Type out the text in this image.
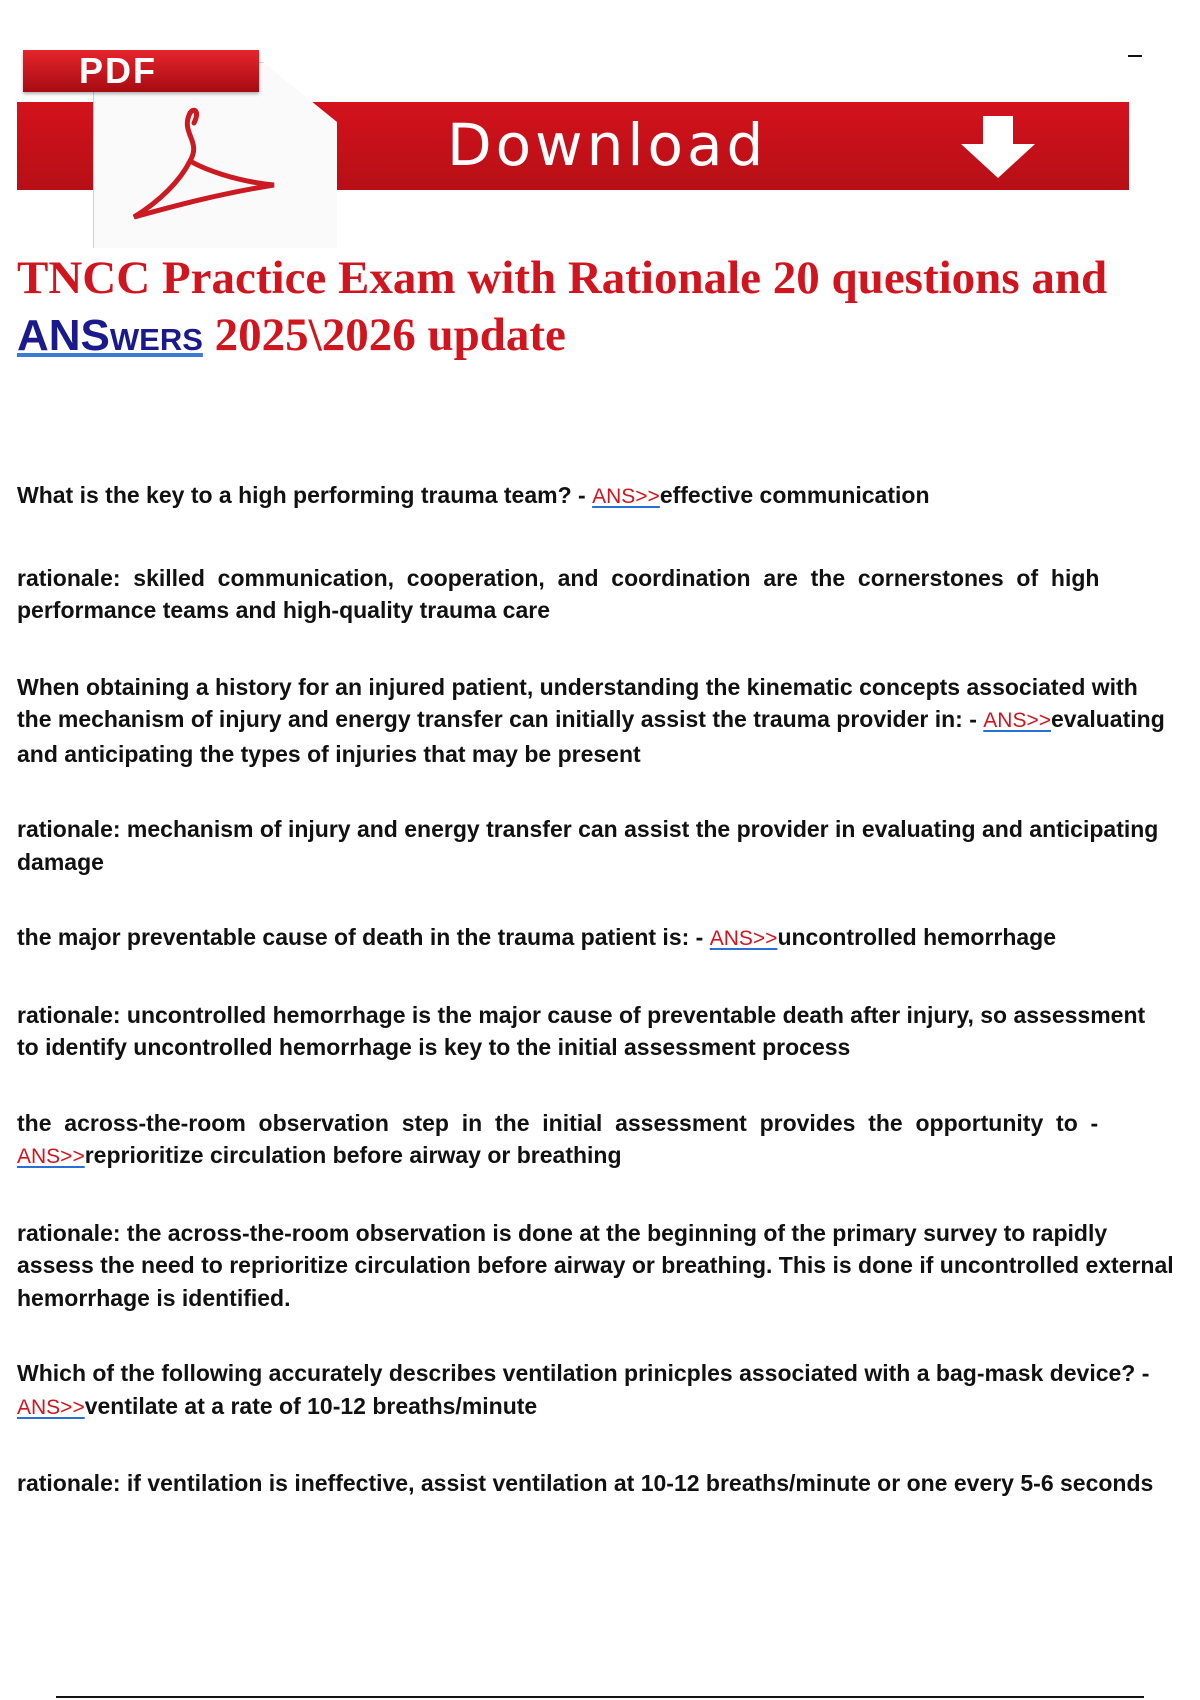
PDF
Download
TNCC Practice Exam with Rationale 20 questions and
ANSwers 2025\2026 update

What is the key to a high performing trauma team? - ANS>>effective communication

rationale:  skilled  communication,  cooperation,  and  coordination  are  the  cornerstones  of  high

performance teams and high-quality trauma care

When obtaining a history for an injured patient, understanding the kinematic concepts associated with

the mechanism of injury and energy transfer can initially assist the trauma provider in: - ANS>>evaluating

and anticipating the types of injuries that may be present

rationale: mechanism of injury and energy transfer can assist the provider in evaluating and anticipating

damage

the major preventable cause of death in the trauma patient is: - ANS>>uncontrolled hemorrhage

rationale: uncontrolled hemorrhage is the major cause of preventable death after injury, so assessment

to identify uncontrolled hemorrhage is key to the initial assessment process

the  across-the-room  observation  step  in  the  initial  assessment  provides  the  opportunity  to  -

ANS>>reprioritize circulation before airway or breathing

rationale: the across-the-room observation is done at the beginning of the primary survey to rapidly

assess the need to reprioritize circulation before airway or breathing. This is done if uncontrolled external

hemorrhage is identified.

Which of the following accurately describes ventilation prinicples associated with a bag-mask device? -

ANS>>ventilate at a rate of 10-12 breaths/minute

rationale: if ventilation is ineffective, assist ventilation at 10-12 breaths/minute or one every 5-6 seconds
